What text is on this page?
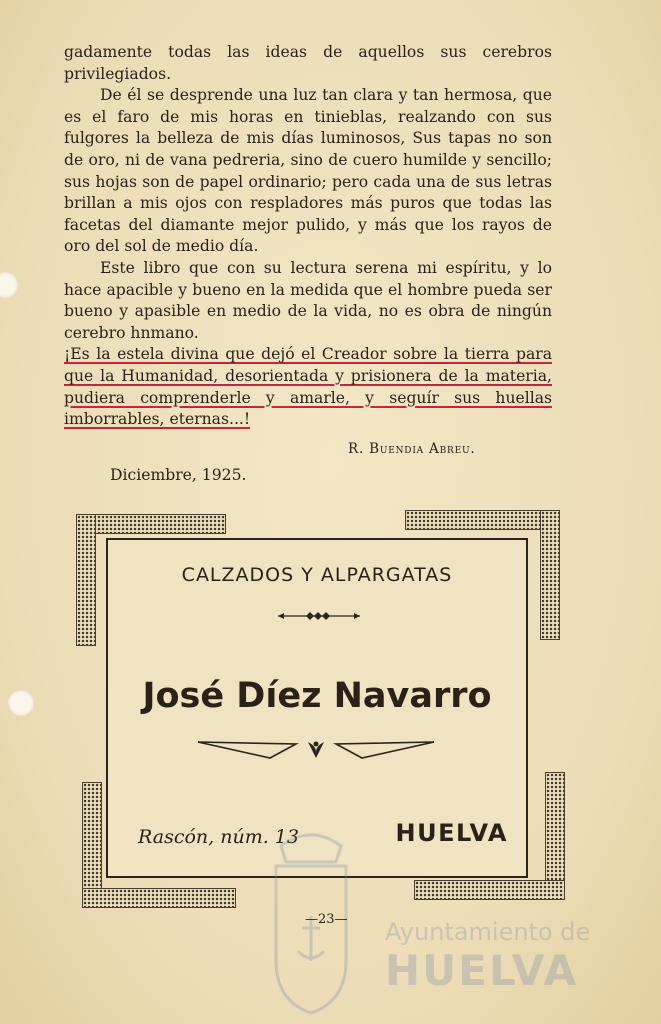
gadamente todas las ideas de aquellos sus cerebros privilegiados.

De él se desprende una luz tan clara y tan hermosa, que es el faro de mis horas en tinieblas, realzando con sus fulgores la belleza de mis días luminosos, Sus tapas no son de oro, ni de vana pedreria, sino de cuero humilde y sencillo; sus hojas son de papel ordinario; pero cada una de sus letras brillan a mis ojos con respladores más puros que todas las facetas del diamante mejor pulido, y más que los rayos de oro del sol de medio día.

Este libro que con su lectura serena mi espíritu, y lo hace apacible y bueno en la medida que el hombre pueda ser bueno y apasible en medio de la vida, no es obra de ningún cerebro hnmano.

¡Es la estela divina que dejó el Creador sobre la tierra para que la Humanidad, desorientada y prisionera de la materia, pudiera comprenderle y amarle, y seguír sus huellas imborrables, eternas...!

R. Buendia Abreu.
Diciembre, 1925.
CALZADOS Y ALPARGATAS
José Díez Navarro
Rascón, núm. 13	HUELVA
Ayuntamiento de
HUELVA
—23—
